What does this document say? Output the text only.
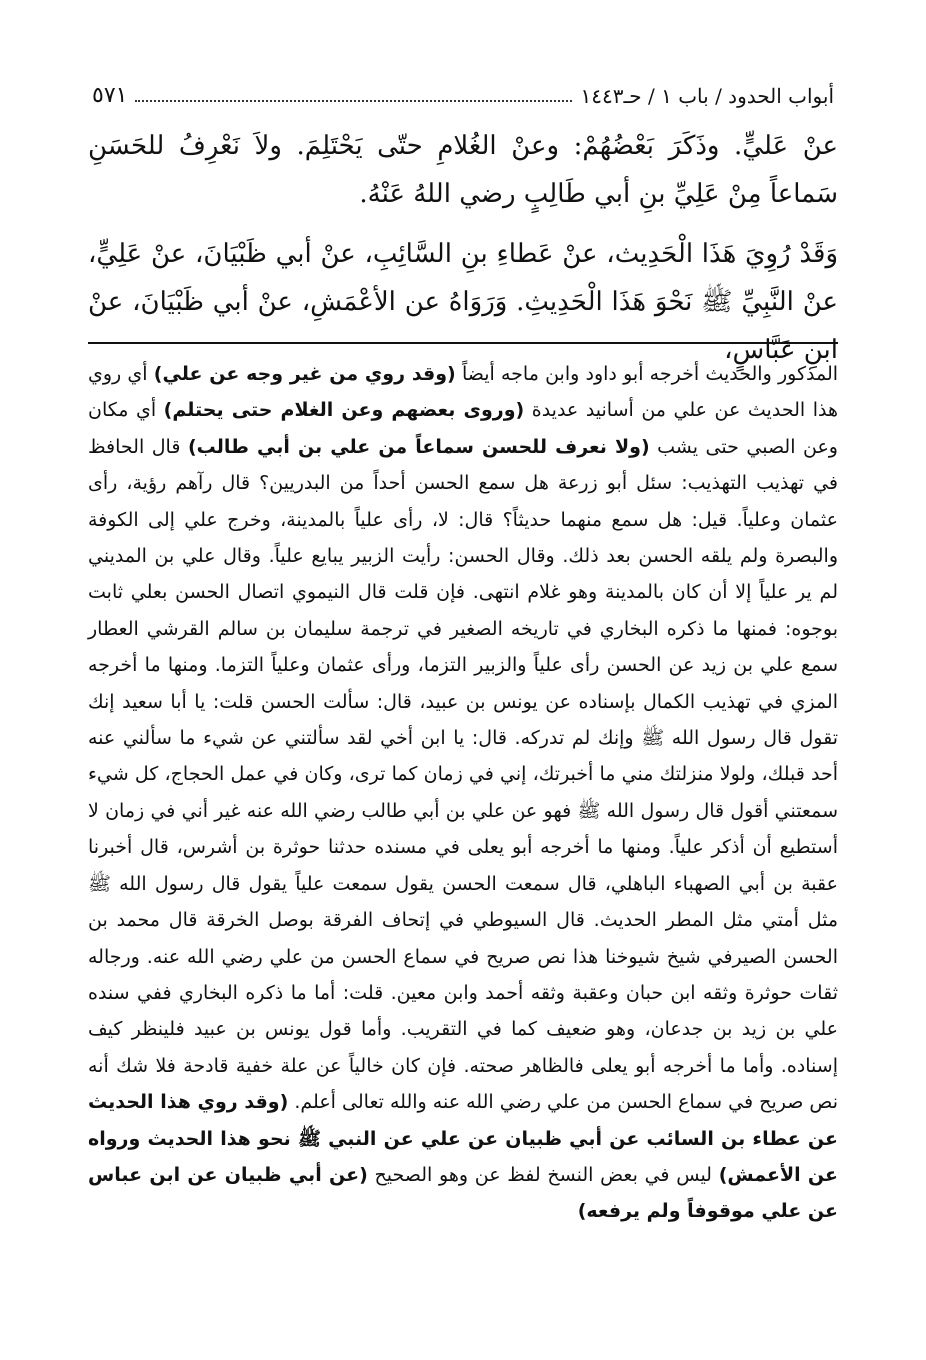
أبواب الحدود / باب ١ / حـ١٤٤٣
٥٧١

عنْ عَليٍّ. وذَكَرَ بَعْضُهُمْ: وعنْ الغُلامِ حتّى يَحْتَلِمَ. ولاَ نَعْرِفُ للحَسَنِ سَماعاً مِنْ عَلِيِّ بنِ أبي طَالِبٍ رضي اللهُ عَنْهُ.

وَقَدْ رُوِيَ هَذَا الْحَدِيث، عنْ عَطاءِ بنِ السَّائِبِ، عنْ أبي ظَبْيَانَ، عنْ عَلِيٍّ، عنْ النَّبِيِّ ﷺ نَحْوَ هَذَا الْحَدِيثِ. وَرَوَاهُ عن الأعْمَشِ، عنْ أبي ظَبْيَانَ، عنْ ابنِ عَبَّاسٍ،

المذكور والحديث أخرجه أبو داود وابن ماجه أيضاً (وقد روي من غير وجه عن علي) أي روي هذا الحديث عن علي من أسانيد عديدة (وروى بعضهم وعن الغلام حتى يحتلم) أي مكان وعن الصبي حتى يشب (ولا نعرف للحسن سماعاً من علي بن أبي طالب) قال الحافظ في تهذيب التهذيب: سئل أبو زرعة هل سمع الحسن أحداً من البدريين؟ قال رآهم رؤية، رأى عثمان وعلياً. قيل: هل سمع منهما حديثاً؟ قال: لا، رأى علياً بالمدينة، وخرج علي إلى الكوفة والبصرة ولم يلقه الحسن بعد ذلك. وقال الحسن: رأيت الزبير يبايع علياً. وقال علي بن المديني لم ير علياً إلا أن كان بالمدينة وهو غلام انتهى. فإن قلت قال النيموي اتصال الحسن بعلي ثابت بوجوه: فمنها ما ذكره البخاري في تاريخه الصغير في ترجمة سليمان بن سالم القرشي العطار سمع علي بن زيد عن الحسن رأى علياً والزبير التزما، ورأى عثمان وعلياً التزما. ومنها ما أخرجه المزي في تهذيب الكمال بإسناده عن يونس بن عبيد، قال: سألت الحسن قلت: يا أبا سعيد إنك تقول قال رسول الله ﷺ وإنك لم تدركه. قال: يا ابن أخي لقد سألتني عن شيء ما سألني عنه أحد قبلك، ولولا منزلتك مني ما أخبرتك، إني في زمان كما ترى، وكان في عمل الحجاج، كل شيء سمعتني أقول قال رسول الله ﷺ فهو عن علي بن أبي طالب رضي الله عنه غير أني في زمان لا أستطيع أن أذكر علياً. ومنها ما أخرجه أبو يعلى في مسنده حدثنا حوثرة بن أشرس، قال أخبرنا عقبة بن أبي الصهباء الباهلي، قال سمعت الحسن يقول سمعت علياً يقول قال رسول الله ﷺ مثل أمتي مثل المطر الحديث. قال السيوطي في إتحاف الفرقة بوصل الخرقة قال محمد بن الحسن الصيرفي شيخ شيوخنا هذا نص صريح في سماع الحسن من علي رضي الله عنه. ورجاله ثقات حوثرة وثقه ابن حبان وعقبة وثقه أحمد وابن معين. قلت: أما ما ذكره البخاري ففي سنده علي بن زيد بن جدعان، وهو ضعيف كما في التقريب. وأما قول يونس بن عبيد فلينظر كيف إسناده. وأما ما أخرجه أبو يعلى فالظاهر صحته. فإن كان خالياً عن علة خفية قادحة فلا شك أنه نص صريح في سماع الحسن من علي رضي الله عنه والله تعالى أعلم. (وقد روي هذا الحديث عن عطاء بن السائب عن أبي ظبيان عن علي عن النبي ﷺ نحو هذا الحديث ورواه عن الأعمش) ليس في بعض النسخ لفظ عن وهو الصحيح (عن أبي ظبيان عن ابن عباس عن علي موقوفاً ولم يرفعه)
